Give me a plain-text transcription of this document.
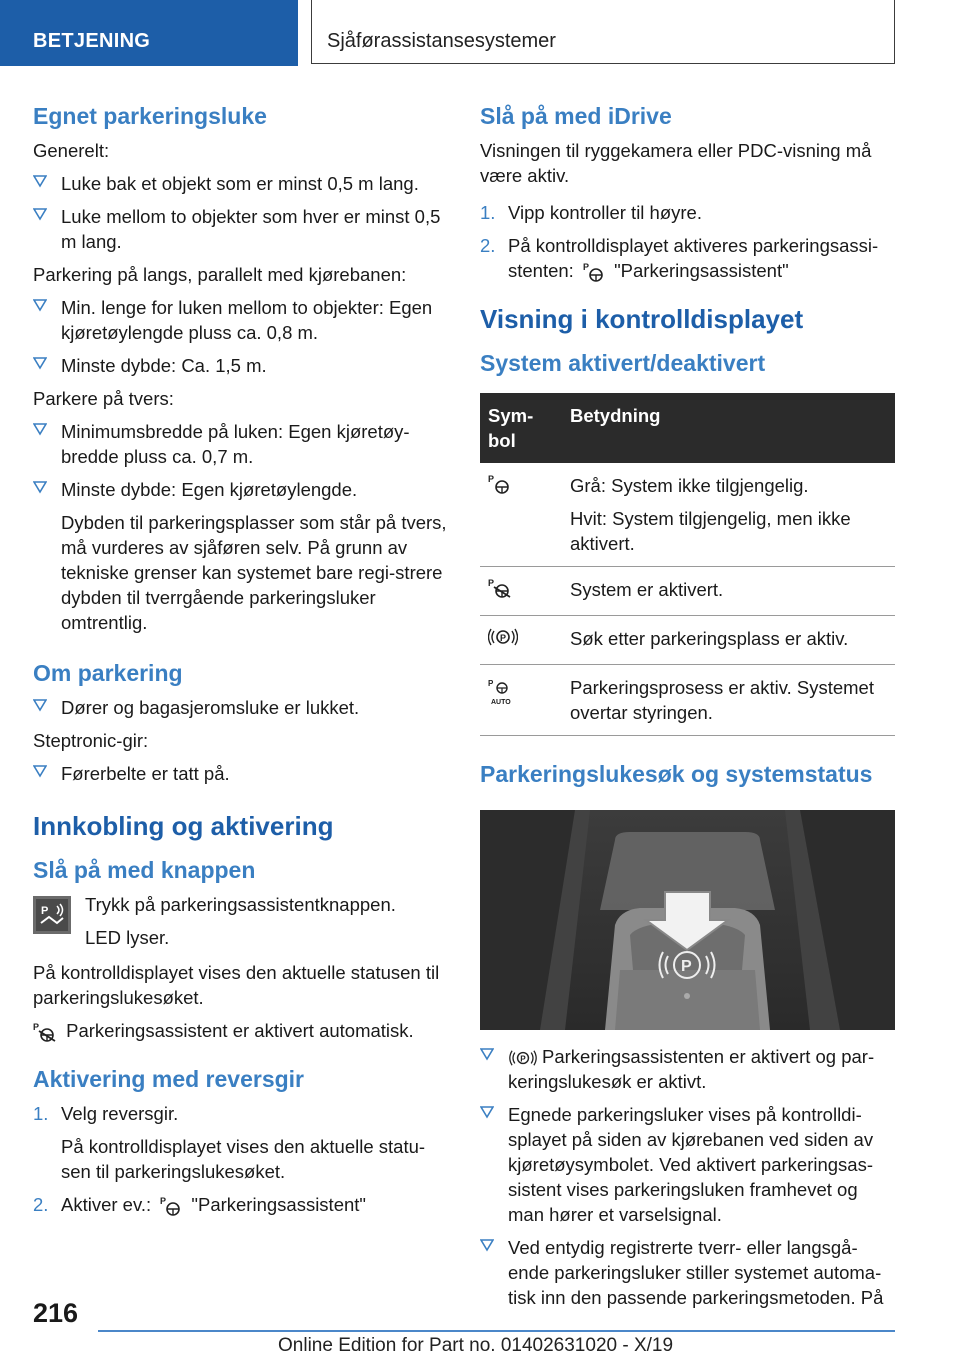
BETJENING	Sjåførassistansesystemer
Egnet parkeringsluke
Generelt:
Luke bak et objekt som er minst 0,5 m lang.
Luke mellom to objekter som hver er minst 0,5 m lang.
Parkering på langs, parallelt med kjørebanen:
Min. lenge for luken mellom to objekter: Egen kjøretøylengde pluss ca. 0,8 m.
Minste dybde: Ca. 1,5 m.
Parkere på tvers:
Minimumsbredde på luken: Egen kjøretøy-bredde pluss ca. 0,7 m.
Minste dybde: Egen kjøretøylengde.
Dybden til parkeringsplasser som står på tvers, må vurderes av sjåføren selv. På grunn av tekniske grenser kan systemet bare regi-strere dybden til tverrgående parkeringsluker omtrentlig.
Om parkering
Dører og bagasjeromsluke er lukket.
Steptronic-gir:
Førerbelte er tatt på.
Innkobling og aktivering
Slå på med knappen
P Trykk på parkeringsassistentknappen.
LED lyser.
På kontrolldisplayet vises den aktuelle statusen til parkeringslukesøket.
P Parkeringsassistent er aktivert automatisk.
Aktivering med reversgir
1. Velg reversgir.
På kontrolldisplayet vises den aktuelle statu-sen til parkeringslukesøket.
2. Aktiver ev.: P "Parkeringsassistent"
Slå på med iDrive
Visningen til ryggekamera eller PDC-visning må være aktiv.
1. Vipp kontroller til høyre.
2. På kontrolldisplayet aktiveres parkeringsassi-stenten: P "Parkeringsassistent"
Visning i kontrolldisplayet
System aktivert/deaktivert
Sym-bol	Betydning

P	Grå: System ikke tilgjengelig.

Hvit: System tilgjengelig, men ikke aktivert.

P	System er aktivert.

P	Søk etter parkeringsplass er aktiv.

P
AUTO	Parkeringsprosess er aktiv. Systemet overtar styringen.
Parkeringslukesøk og systemstatus
P
P Parkeringsassistenten er aktivert og par-keringslukesøk er aktivt.
Egnede parkeringsluker vises på kontrolldi-splayet på siden av kjørebanen ved siden av kjøretøysymbolet. Ved aktivert parkeringsas-sistent vises parkeringsluken framhevet og man hører et varselsignal.
Ved entydig registrerte tverr- eller langsgå-ende parkeringsluker stiller systemet automa-tisk inn den passende parkeringsmetoden. På
216
Online Edition for Part no. 01402631020 - X/19
